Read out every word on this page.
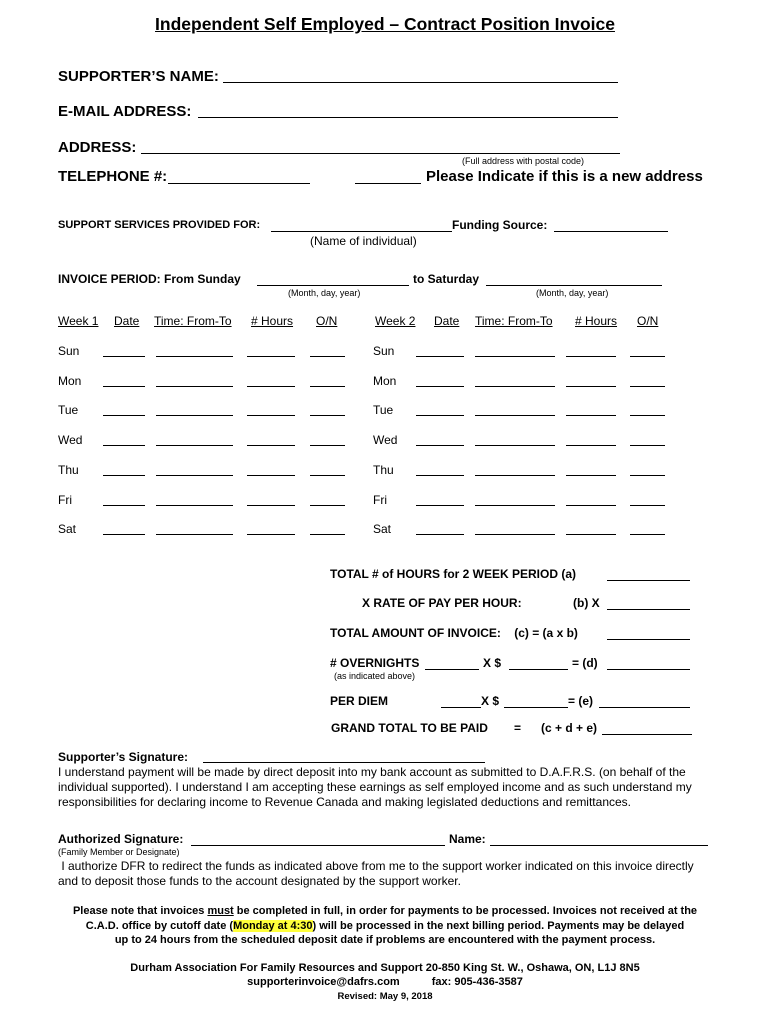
Independent Self Employed – Contract Position Invoice
SUPPORTER’S NAME:
E-MAIL ADDRESS:
ADDRESS:
(Full address with postal code)
TELEPHONE #:	Please Indicate if this is a new address
SUPPORT SERVICES PROVIDED FOR:
(Name of individual)
Funding Source:
INVOICE PERIOD: From Sunday	to Saturday
(Month, day, year)	(Month, day, year)
Week 1 Date Time: From-To # Hours O/N	Week 2 Date Time: From-To # Hours O/N
Sun
Mon
Tue
Wed
Thu
Fri
Sat
Sun
Mon
Tue
Wed
Thu
Fri
Sat
TOTAL # of HOURS for 2 WEEK PERIOD (a)
X RATE OF PAY PER HOUR:	(b) X
TOTAL AMOUNT OF INVOICE:    (c) = (a x b)
# OVERNIGHTS	X $	= (d)
(as indicated above)
PER DIEM	X $	= (e)
GRAND TOTAL TO BE PAID =      (c + d + e)
Supporter’s Signature:
I understand payment will be made by direct deposit into my bank account as submitted to D.A.F.R.S. (on behalf of the individual supported). I understand I am accepting these earnings as self employed income and as such understand my responsibilities for declaring income to Revenue Canada and making legislated deductions and remittances.
Authorized Signature:	Name:
(Family Member or Designate)
I authorize DFR to redirect the funds as indicated above from me to the support worker indicated on this invoice directly and to deposit those funds to the account designated by the support worker.
Please note that invoices must be completed in full, in order for payments to be processed. Invoices not received at the
C.A.D. office by cutoff date (Monday at 4:30) will be processed in the next billing period. Payments may be delayed
up to 24 hours from the scheduled deposit date if problems are encountered with the payment process.
Durham Association For Family Resources and Support 20-850 King St. W., Oshawa, ON, L1J 8N5
supporterinvoice@dafrs.com	fax: 905-436-3587
Revised: May 9, 2018
